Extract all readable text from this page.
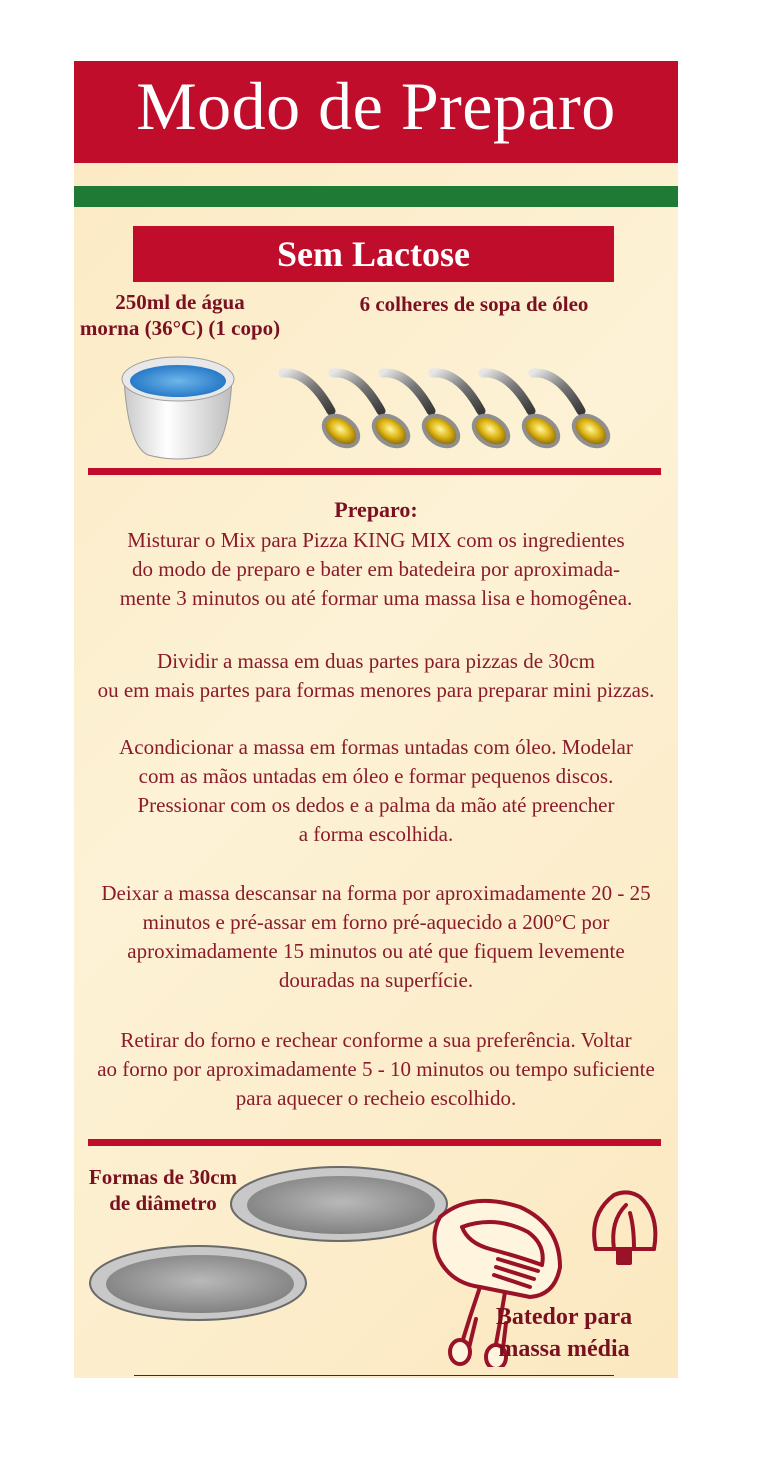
Modo de Preparo
Sem Lactose
250ml de água
morna (36°C) (1 copo)
6 colheres de sopa de óleo
Preparo:
Misturar o Mix para Pizza KING MIX com os ingredientes
do modo de preparo e bater em batedeira por aproximada-
mente 3 minutos ou até formar uma massa lisa e homogênea.
Dividir a massa em duas partes para pizzas de 30cm
ou em mais partes para formas menores para preparar mini pizzas.
Acondicionar a massa em formas untadas com óleo. Modelar
com as mãos untadas em óleo e formar pequenos discos.
Pressionar com os dedos e a palma da mão até preencher
a forma escolhida.
Deixar a massa descansar na forma por aproximadamente 20 - 25
minutos e pré-assar em forno pré-aquecido a 200°C por
aproximadamente 15 minutos ou até que fiquem levemente
douradas na superfície.
Retirar do forno e rechear conforme a sua preferência. Voltar
ao forno por aproximadamente 5 - 10 minutos ou tempo suficiente
para aquecer o recheio escolhido.
Formas de 30cm
de diâmetro
Batedor para
massa média
